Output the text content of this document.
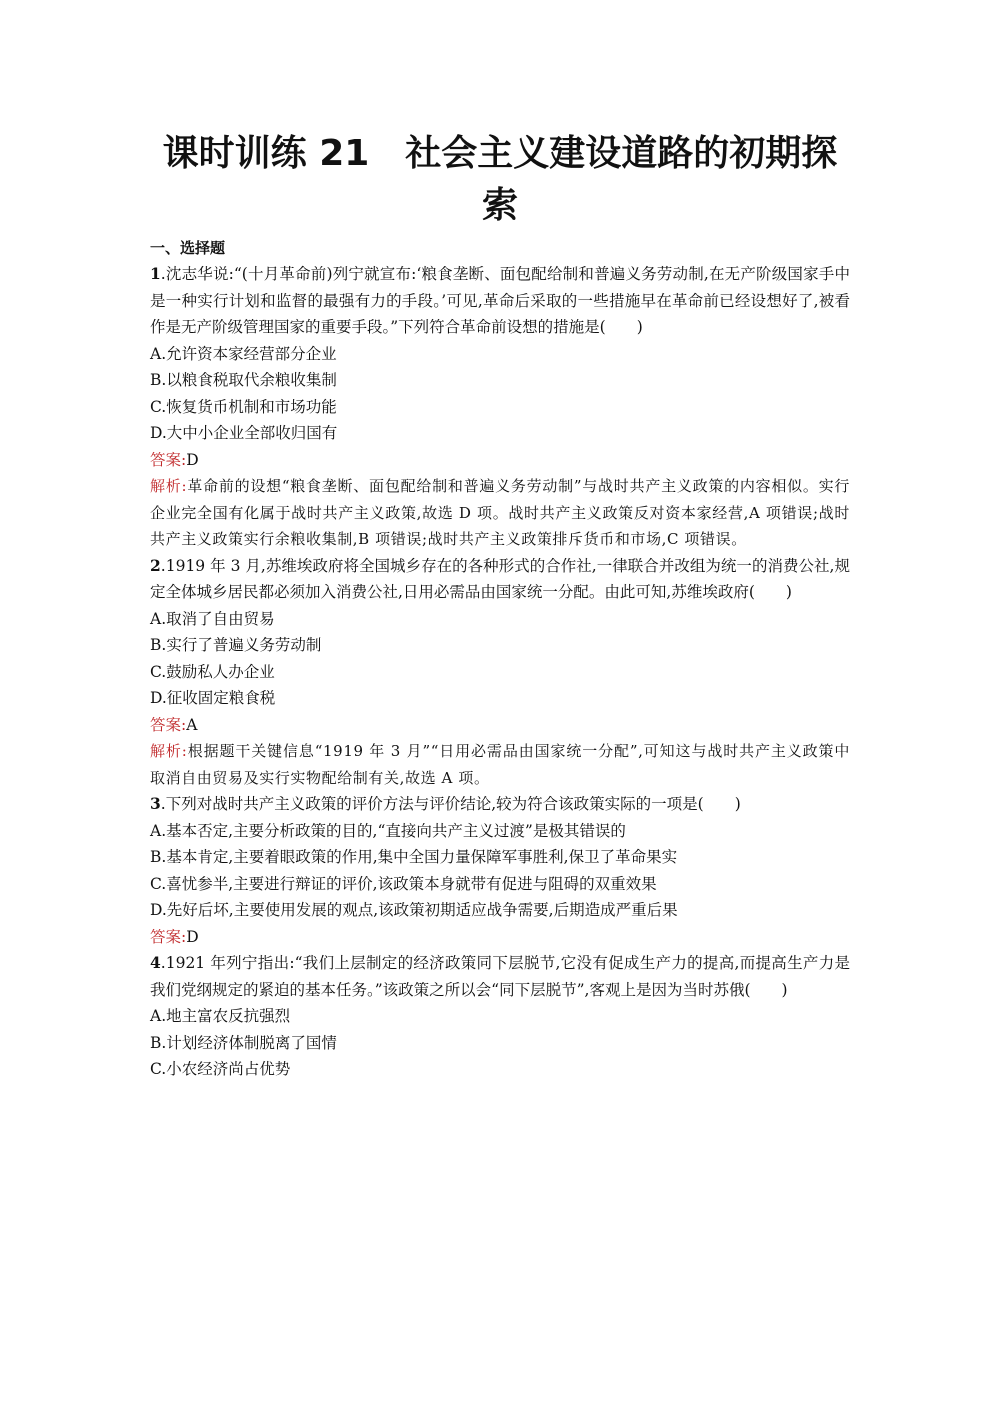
课时训练 21　社会主义建设道路的初期探索
一、选择题

1.沈志华说:“(十月革命前)列宁就宣布:‘粮食垄断、面包配给制和普遍义务劳动制,在无产阶级国家手中是一种实行计划和监督的最强有力的手段。’可见,革命后采取的一些措施早在革命前已经设想好了,被看作是无产阶级管理国家的重要手段。”下列符合革命前设想的措施是(　　)

A.允许资本家经营部分企业

B.以粮食税取代余粮收集制

C.恢复货币机制和市场功能

D.大中小企业全部收归国有

答案:D

解析:革命前的设想“粮食垄断、面包配给制和普遍义务劳动制”与战时共产主义政策的内容相似。实行企业完全国有化属于战时共产主义政策,故选 D 项。战时共产主义政策反对资本家经营,A 项错误;战时共产主义政策实行余粮收集制,B 项错误;战时共产主义政策排斥货币和市场,C 项错误。

2.1919 年 3 月,苏维埃政府将全国城乡存在的各种形式的合作社,一律联合并改组为统一的消费公社,规定全体城乡居民都必须加入消费公社,日用必需品由国家统一分配。由此可知,苏维埃政府(　　)

A.取消了自由贸易

B.实行了普遍义务劳动制

C.鼓励私人办企业

D.征收固定粮食税

答案:A

解析:根据题干关键信息“1919 年 3 月”“日用必需品由国家统一分配”,可知这与战时共产主义政策中取消自由贸易及实行实物配给制有关,故选 A 项。

3.下列对战时共产主义政策的评价方法与评价结论,较为符合该政策实际的一项是(　　)

A.基本否定,主要分析政策的目的,“直接向共产主义过渡”是极其错误的

B.基本肯定,主要着眼政策的作用,集中全国力量保障军事胜利,保卫了革命果实

C.喜忧参半,主要进行辩证的评价,该政策本身就带有促进与阻碍的双重效果

D.先好后坏,主要使用发展的观点,该政策初期适应战争需要,后期造成严重后果

答案:D

4.1921 年列宁指出:“我们上层制定的经济政策同下层脱节,它没有促成生产力的提高,而提高生产力是我们党纲规定的紧迫的基本任务。”该政策之所以会“同下层脱节”,客观上是因为当时苏俄(　　)

A.地主富农反抗强烈

B.计划经济体制脱离了国情

C.小农经济尚占优势
